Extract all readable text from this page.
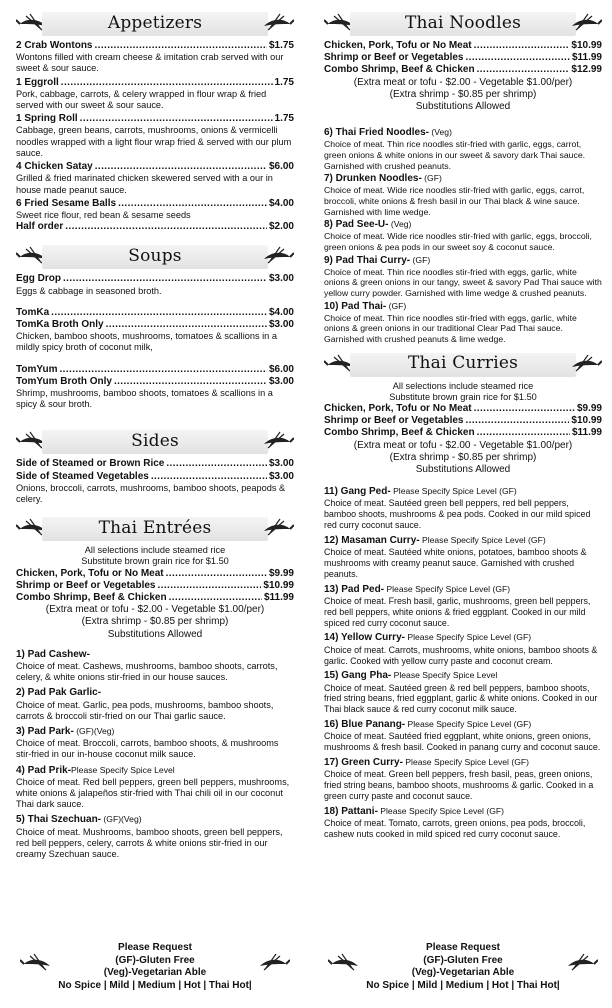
Appetizers
2 Crab Wontons .....	$1.75
Wontons filled with cream cheese & imitation crab served with our sweet & sour sauce.
1 Eggroll .....	1.75
Pork, cabbage, carrots, & celery wrapped in flour wrap & fried served with our sweet & sour sauce.
1 Spring Roll .....	1.75
Cabbage, green beans, carrots, mushrooms, onions & vermicelli noodles wrapped with a light flour wrap fried & served with our plum sauce.
4 Chicken Satay .....	$6.00
Grilled & fried marinated chicken skewered served with a our in house made peanut sauce.
6 Fried Sesame Balls .....	$4.00
Sweet rice flour, red bean & sesame seeds
Half order .....	$2.00
Soups
Egg Drop .....	$3.00
Eggs & cabbage in seasoned broth.
TomKa .....	$4.00
TomKa Broth Only .....	$3.00
Chicken, bamboo shoots, mushrooms, tomatoes & scallions in a mildly spicy broth of coconut milk,
TomYum .....	$6.00
TomYum Broth Only .....	$3.00
Shrimp, mushrooms, bamboo shoots, tomatoes & scallions in a spicy & sour broth.
Sides
Side of Steamed or Brown Rice .....	$3.00
Side of Steamed Vegetables .....	$3.00
Onions, broccoli, carrots, mushrooms, bamboo shoots, peapods & celery.
Thai Entrées
All selections include steamed rice
Substitute brown grain rice for $1.50
Chicken, Pork, Tofu or No Meat .....	$9.99
Shrimp or Beef or Vegetables .....	$10.99
Combo Shrimp, Beef & Chicken .....	$11.99
(Extra meat or tofu - $2.00 - Vegetable $1.00/per)
(Extra shrimp - $0.85 per shrimp)
Substitutions Allowed
1) Pad Cashew-
Choice of meat. Cashews, mushrooms, bamboo shoots, carrots, celery, & white onions stir-fried in our house sauces.
2) Pad Pak Garlic-
Choice of meat. Garlic, pea pods, mushrooms, bamboo shoots, carrots & broccoli stir-fried on our Thai garlic sauce.
3) Pad Park- (GF)(Veg)
Choice of meat. Broccoli, carrots, bamboo shoots, & mushrooms stir-fried in our in-house coconut milk sauce.
4) Pad Prik-Please Specify Spice Level
Choice of meat. Red bell peppers, green bell peppers, mushrooms, white onions & jalapeños stir-fried with Thai chili oil in our coconut Thai dark sauce.
5) Thai Szechuan- (GF)(Veg)
Choice of meat. Mushrooms, bamboo shoots, green bell peppers, red bell peppers, celery, carrots & white onions stir-fried in our creamy Szechuan sauce.
Please Request
(GF)-Gluten Free
(Veg)-Vegetarian Able
No Spice | Mild | Medium | Hot | Thai Hot|
Thai Noodles
Chicken, Pork, Tofu or No Meat .....	$10.99
Shrimp or Beef or Vegetables .....	$11.99
Combo Shrimp, Beef & Chicken .....	$12.99
(Extra meat or tofu - $2.00 - Vegetable $1.00/per)
(Extra shrimp - $0.85 per shrimp)
Substitutions Allowed
6) Thai Fried Noodles- (Veg)
Choice of meat. Thin rice noodles stir-fried with garlic, eggs, carrot, green onions & white onions in our sweet & savory dark Thai sauce. Garnished with crushed peanuts.
7) Drunken Noodles- (GF)
Choice of meat. Wide rice noodles stir-fried with garlic, eggs, carrot, broccoli, white onions & fresh basil in our Thai black & wine sauce. Garnished with lime wedge.
8) Pad See-U- (Veg)
Choice of meat. Wide rice noodles stir-fried with garlic, eggs, broccoli, green onions & pea pods in our sweet soy & coconut sauce.
9) Pad Thai Curry- (GF)
Choice of meat. Thin rice noodles stir-fried with eggs, garlic, white onions & green onions in our tangy, sweet & savory Pad Thai sauce with yellow curry powder. Garnished with lime wedge & crushed peanuts.
10) Pad Thai- (GF)
Choice of meat. Thin rice noodles stir-fried with eggs, garlic, white onions & green onions in our traditional Clear Pad Thai sauce. Garnished with crushed peanuts & lime wedge.
Thai Curries
All selections include steamed rice
Substitute brown grain rice for $1.50
Chicken, Pork, Tofu or No Meat .....	$9.99
Shrimp or Beef or Vegetables .....	$10.99
Combo Shrimp, Beef & Chicken .....	$11.99
(Extra meat or tofu - $2.00 - Vegetable $1.00/per)
(Extra shrimp - $0.85 per shrimp)
Substitutions Allowed
11) Gang Ped- Please Specify Spice Level (GF)
Choice of meat. Sautéed green bell peppers, red bell peppers, bamboo shoots, mushrooms & pea pods. Cooked in our mild spiced red curry coconut sauce.
12) Masaman Curry- Please Specify Spice Level (GF)
Choice of meat. Sautéed white onions, potatoes, bamboo shoots & mushrooms with creamy peanut sauce. Garnished with crushed peanuts.
13) Pad Ped- Please Specify Spice Level (GF)
Choice of meat. Fresh basil, garlic, mushrooms, green bell peppers, red bell peppers, white onions & fried eggplant. Cooked in our mild spiced red curry coconut sauce.
14) Yellow Curry- Please Specify Spice Level (GF)
Choice of meat. Carrots, mushrooms, white onions, bamboo shoots & garlic. Cooked with yellow curry paste and coconut cream.
15) Gang Pha- Please Specify Spice Level
Choice of meat. Sautéed green & red bell peppers, bamboo shoots, fried string beans, fried eggplant, garlic & white onions. Cooked in our Thai black sauce & red curry coconut milk sauce.
16) Blue Panang- Please Specify Spice Level (GF)
Choice of meat. Sautéed fried eggplant, white onions, green onions, mushrooms & fresh basil. Cooked in panang curry and coconut sauce.
17) Green Curry- Please Specify Spice Level (GF)
Choice of meat. Green bell peppers, fresh basil, peas, green onions, fried string beans, bamboo shoots, mushrooms & garlic. Cooked in a green curry paste and coconut sauce.
18) Pattani- Please Specify Spice Level (GF)
Choice of meat. Tomato, carrots, green onions, pea pods, broccoli, cashew nuts cooked in mild spiced red curry coconut sauce.
Please Request
(GF)-Gluten Free
(Veg)-Vegetarian Able
No Spice | Mild | Medium | Hot | Thai Hot|
